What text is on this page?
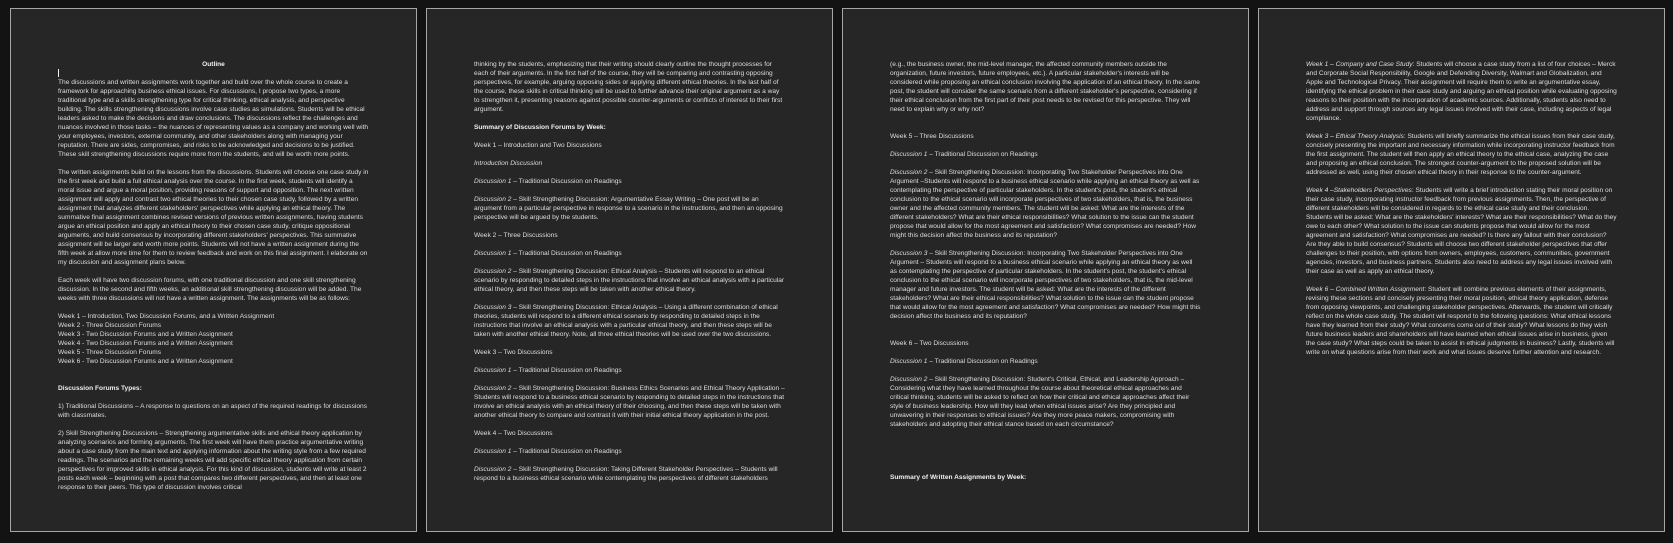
Outline
The discussions and written assignments work together and build over the whole course to create a framework for approaching business ethical issues. For discussions, I propose two types, a more traditional type and a skills strengthening type for critical thinking, ethical analysis, and perspective building. The skills strengthening discussions involve case studies as simulations. Students will be ethical leaders asked to make the decisions and draw conclusions. The discussions reflect the challenges and nuances involved in those tasks – the nuances of representing values as a company and working well with your employees, investors, external community, and other stakeholders along with managing your reputation. There are sides, compromises, and risks to be acknowledged and decisions to be justified. These skill strengthening discussions require more from the students, and will be worth more points.
The written assignments build on the lessons from the discussions. Students will choose one case study in the first week and build a full ethical analysis over the course. In the first week, students will identify a moral issue and argue a moral position, providing reasons of support and opposition. The next written assignment will apply and contrast two ethical theories to their chosen case study, followed by a written assignment that analyzes different stakeholders' perspectives while applying an ethical theory. The summative final assignment combines revised versions of previous written assignments, having students argue an ethical position and apply an ethical theory to their chosen case study, critique oppositional arguments, and build consensus by incorporating different stakeholders' perspectives. This summative assignment will be larger and worth more points. Students will not have a written assignment during the fifth week at allow more time for them to review feedback and work on this final assignment. I elaborate on my discussion and assignment plans below.
Each week will have two discussion forums, with one traditional discussion and one skill strengthening discussion. In the second and fifth weeks, an additional skill strengthening discussion will be added. The weeks with three discussions will not have a written assignment. The assignments will be as follows:
Week 1 – Introduction, Two Discussion Forums, and a Written Assignment
Week 2 - Three Discussion Forums
Week 3 - Two Discussion Forums and a Written Assignment
Week 4 - Two Discussion Forums and a Written Assignment
Week 5 - Three Discussion Forums
Week 6 - Two Discussion Forums and a Written Assignment
Discussion Forums Types:
1) Traditional Discussions – A response to questions on an aspect of the required readings for discussions with classmates.
2) Skill Strengthening Discussions – Strengthening argumentative skills and ethical theory application by analyzing scenarios and forming arguments. The first week will have them practice argumentative writing about a case study from the main text and applying information about the writing style from a few required readings. The scenarios and the remaining weeks will add specific ethical theory application from certain perspectives for improved skills in ethical analysis. For this kind of discussion, students will write at least 2 posts each week – beginning with a post that compares two different perspectives, and then at least one response to their peers. This type of discussion involves critical
thinking by the students, emphasizing that their writing should clearly outline the thought processes for each of their arguments. In the first half of the course, they will be comparing and contrasting opposing perspectives, for example, arguing opposing sides or applying different ethical theories. In the last half of the course, these skills in critical thinking will be used to further advance their original argument as a way to strengthen it, presenting reasons against possible counter-arguments or conflicts of interest to their first argument.
Summary of Discussion Forums by Week:
Week 1 – Introduction and Two Discussions
Introduction Discussion
Discussion 1 – Traditional Discussion on Readings
Discussion 2 – Skill Strengthening Discussion: Argumentative Essay Writing – One post will be an argument from a particular perspective in response to a scenario in the instructions, and then an opposing perspective will be argued by the students.
Week 2 – Three Discussions
Discussion 1 – Traditional Discussion on Readings
Discussion 2 – Skill Strengthening Discussion: Ethical Analysis – Students will respond to an ethical scenario by responding to detailed steps in the instructions that involve an ethical analysis with a particular ethical theory, and then these steps will be taken with another ethical theory.
Discussion 3 – Skill Strengthening Discussion: Ethical Analysis – Using a different combination of ethical theories, students will respond to a different ethical scenario by responding to detailed steps in the instructions that involve an ethical analysis with a particular ethical theory, and then these steps will be taken with another ethical theory. Note, all three ethical theories will be used over the two discussions.
Week 3 – Two Discussions
Discussion 1 – Traditional Discussion on Readings
Discussion 2 – Skill Strengthening Discussion: Business Ethics Scenarios and Ethical Theory Application – Students will respond to a business ethical scenario by responding to detailed steps in the instructions that involve an ethical analysis with an ethical theory of their choosing, and then these steps will be taken with another ethical theory to compare and contrast it with their initial ethical theory application in the post.
Week 4 – Two Discussions
Discussion 1 – Traditional Discussion on Readings
Discussion 2 – Skill Strengthening Discussion: Taking Different Stakeholder Perspectives – Students will respond to a business ethical scenario while contemplating the perspectives of different stakeholders
(e.g., the business owner, the mid-level manager, the affected community members outside the organization, future investors, future employees, etc.). A particular stakeholder's interests will be considered while proposing an ethical conclusion involving the application of an ethical theory. In the same post, the student will consider the same scenario from a different stakeholder's perspective, considering if their ethical conclusion from the first part of their post needs to be revised for this perspective. They will need to explain why or why not?
Week 5 – Three Discussions
Discussion 1 – Traditional Discussion on Readings
Discussion 2 – Skill Strengthening Discussion: Incorporating Two Stakeholder Perspectives into One Argument –Students will respond to a business ethical scenario while applying an ethical theory as well as contemplating the perspective of particular stakeholders. In the student's post, the student's ethical conclusion to the ethical scenario will incorporate perspectives of two stakeholders, that is, the business owner and the affected community members. The student will be asked: What are the interests of the different stakeholders? What are their ethical responsibilities? What solution to the issue can the student propose that would allow for the most agreement and satisfaction? What compromises are needed? How might this decision affect the business and its reputation?
Discussion 3 – Skill Strengthening Discussion: Incorporating Two Stakeholder Perspectives into One Argument – Students will respond to a business ethical scenario while applying an ethical theory as well as contemplating the perspective of particular stakeholders. In the student's post, the student's ethical conclusion to the ethical scenario will incorporate perspectives of two stakeholders, that is, the mid-level manager and future investors. The student will be asked: What are the interests of the different stakeholders? What are their ethical responsibilities? What solution to the issue can the student propose that would allow for the most agreement and satisfaction? What compromises are needed? How might this decision affect the business and its reputation?
Week 6 – Two Discussions
Discussion 1 – Traditional Discussion on Readings
Discussion 2 – Skill Strengthening Discussion: Student's Critical, Ethical, and Leadership Approach – Considering what they have learned throughout the course about theoretical ethical approaches and critical thinking, students will be asked to reflect on how their critical and ethical approaches affect their style of business leadership. How will they lead when ethical issues arise? Are they principled and unwavering in their responses to ethical issues? Are they more peace makers, compromising with stakeholders and adopting their ethical stance based on each circumstance?
Summary of Written Assignments by Week:
Week 1 – Company and Case Study: Students will choose a case study from a list of four choices – Merck and Corporate Social Responsibility, Google and Defending Diversity, Walmart and Globalization, and Apple and Technological Privacy. Their assignment will require them to write an argumentative essay, identifying the ethical problem in their case study and arguing an ethical position while evaluating opposing reasons to their position with the incorporation of academic sources. Additionally, students also need to address and support through sources any legal issues involved with their case, including aspects of legal compliance.
Week 3 – Ethical Theory Analysis: Students will briefly summarize the ethical issues from their case study, concisely presenting the important and necessary information while incorporating instructor feedback from the first assignment. The student will then apply an ethical theory to the ethical case, analyzing the case and proposing an ethical conclusion. The strongest counter-argument to the proposed solution will be addressed as well, using their chosen ethical theory in their response to the counter-argument.
Week 4 –Stakeholders Perspectives: Students will write a brief introduction stating their moral position on their case study, incorporating instructor feedback from previous assignments. Then, the perspective of different stakeholders will be considered in regards to the ethical case study and their conclusion. Students will be asked: What are the stakeholders' interests? What are their responsibilities? What do they owe to each other? What solution to the issue can students propose that would allow for the most agreement and satisfaction? What compromises are needed? Is there any fallout with their conclusion? Are they able to build consensus? Students will choose two different stakeholder perspectives that offer challenges to their position, with options from owners, employees, customers, communities, government agencies, investors, and business partners. Students also need to address any legal issues involved with their case as well as apply an ethical theory.
Week 6 – Combined Written Assignment: Student will combine previous elements of their assignments, revising these sections and concisely presenting their moral position, ethical theory application, defense from opposing viewpoints, and challenging stakeholder perspectives. Afterwards, the student will critically reflect on the whole case study. The student will respond to the following questions: What ethical lessons have they learned from their study? What concerns come out of their study? What lessons do they wish future business leaders and shareholders will have learned when ethical issues arise in business, given the case study? What steps could be taken to assist in ethical judgments in business? Lastly, students will write on what questions arise from their work and what issues deserve further attention and research.
